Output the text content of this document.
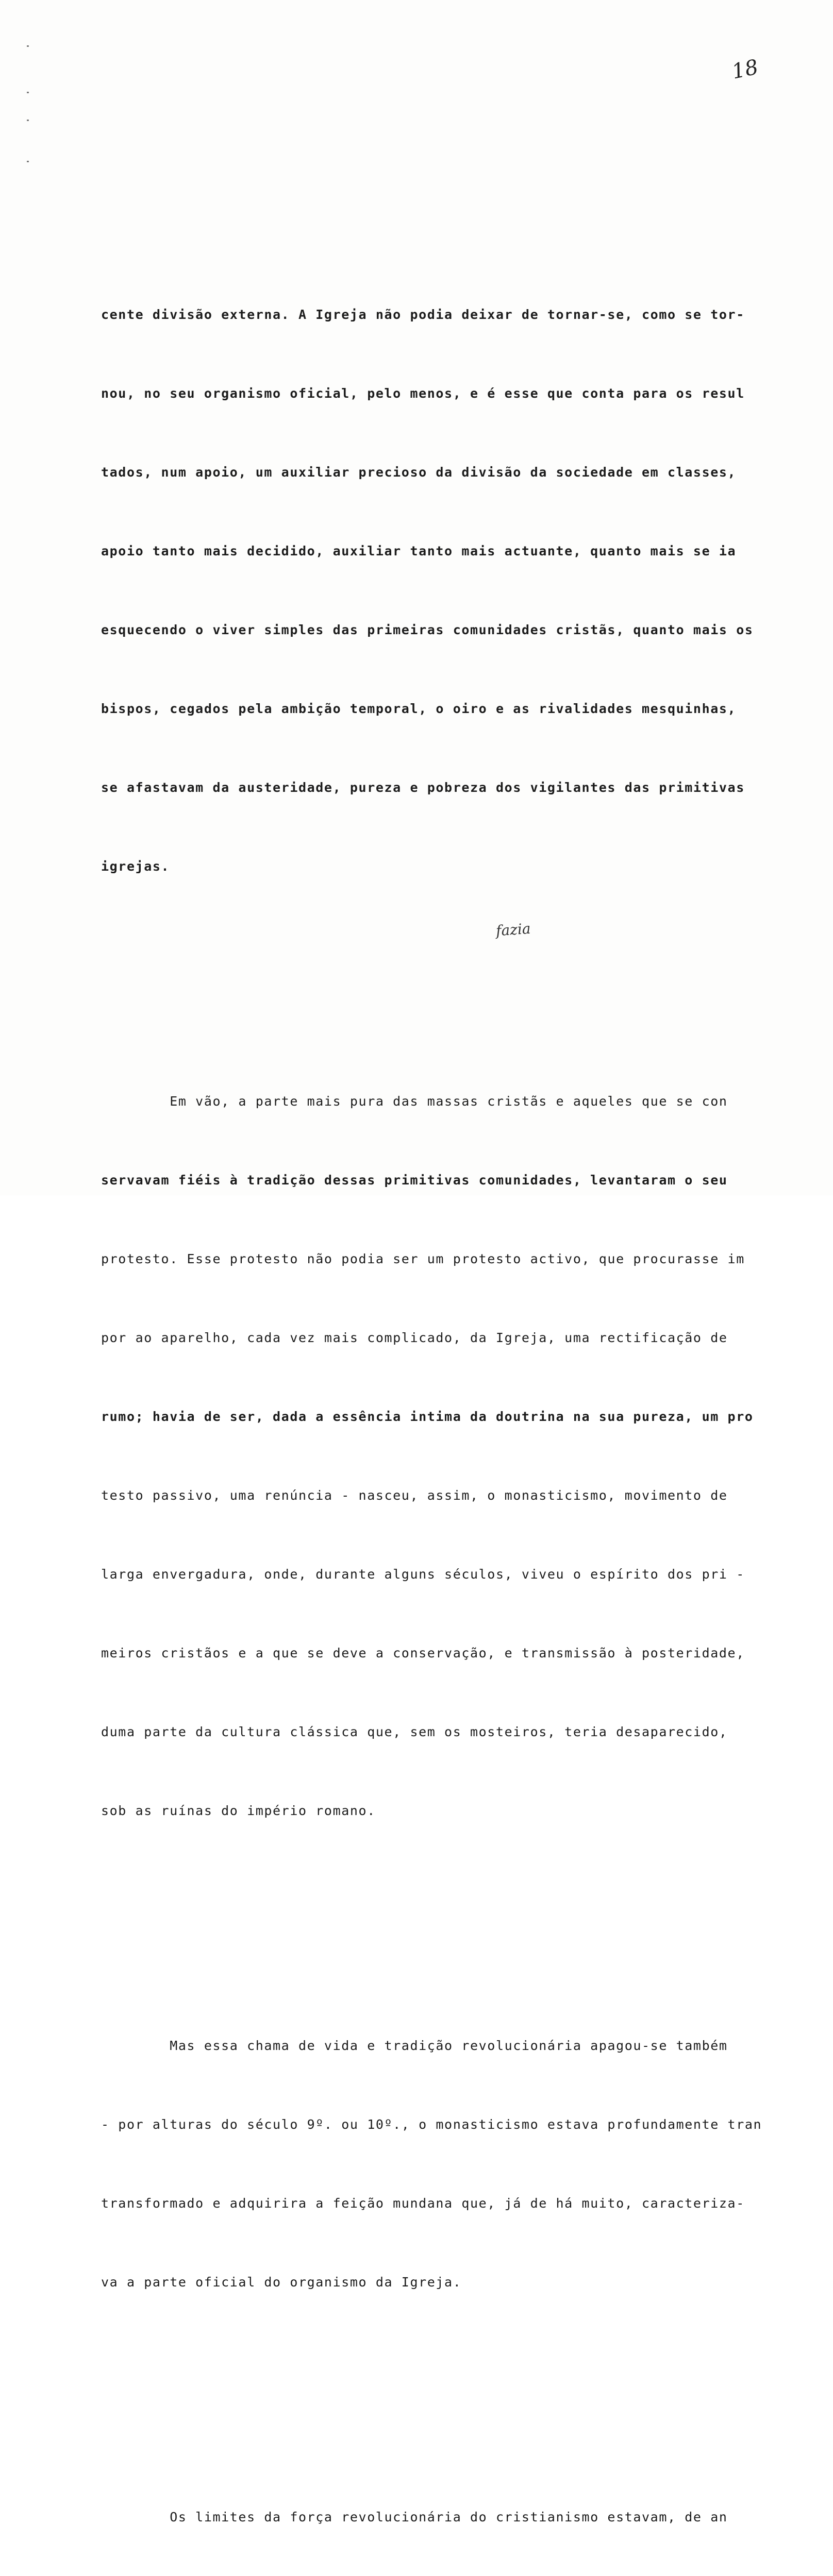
18
fazia

cente divisão externa. A Igreja não podia deixar de tornar-se, como se tor-

nou, no seu organismo oficial, pelo menos, e é esse que conta para os resul

tados, num apoio, um auxiliar precioso da divisão da sociedade em classes,

apoio tanto mais decidido, auxiliar tanto mais actuante, quanto mais se ia

esquecendo o viver simples das primeiras comunidades cristãs, quanto mais os

bispos, cegados pela ambição temporal, o oiro e as rivalidades mesquinhas,

se afastavam da austeridade, pureza e pobreza dos vigilantes das primitivas

igrejas.

Em vão, a parte mais pura das massas cristãs e aqueles que se con

servavam fiéis à tradição dessas primitivas comunidades, levantaram o seu

protesto. Esse protesto não podia ser um protesto activo, que procurasse im

por ao aparelho, cada vez mais complicado, da Igreja, uma rectificação de

rumo; havia de ser, dada a essência intima da doutrina na sua pureza, um pro

testo passivo, uma renúncia - nasceu, assim, o monasticismo, movimento de

larga envergadura, onde, durante alguns séculos, viveu o espírito dos pri -

meiros cristãos e a que se deve a conservação, e transmissão à posteridade,

duma parte da cultura clássica que, sem os mosteiros, teria desaparecido,

sob as ruínas do império romano.

Mas essa chama de vida e tradição revolucionária apagou-se também

- por alturas do século 9º. ou 10º., o monasticismo estava profundamente tran

transformado e adquirira a feição mundana que, já de há muito, caracteriza-

va a parte oficial do organismo da Igreja.

Os limites da força revolucionária do cristianismo estavam, de an
